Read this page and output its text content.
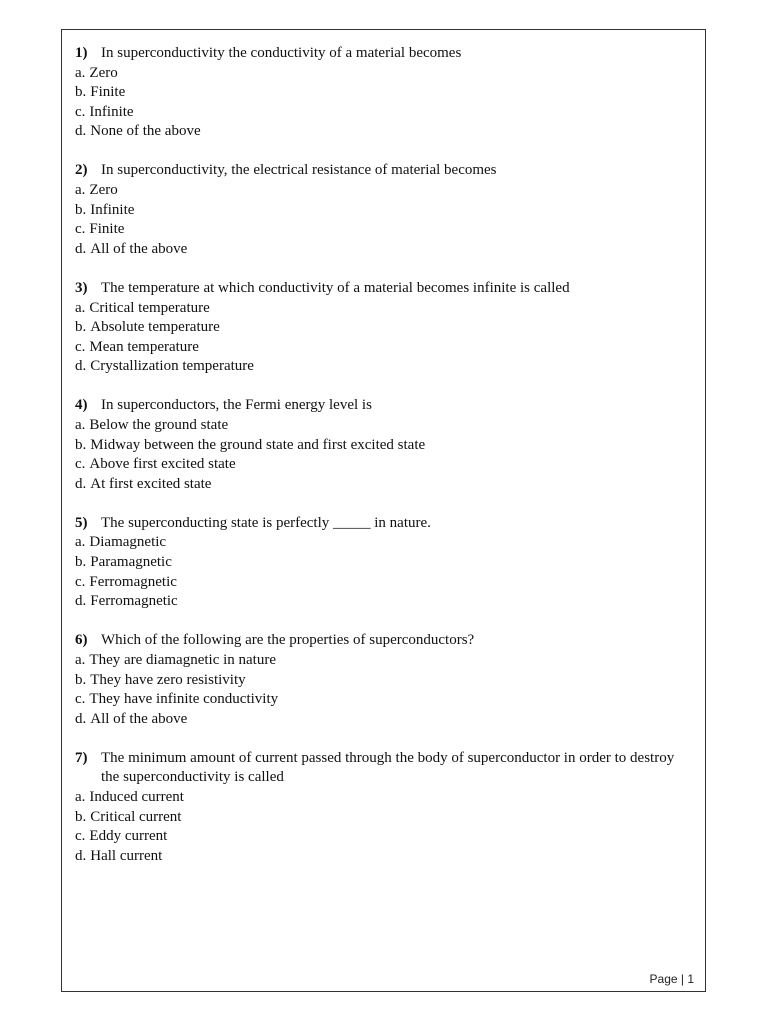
1) In superconductivity the conductivity of a material becomes
a. Zero
b. Finite
c. Infinite
d. None of the above
2) In superconductivity, the electrical resistance of material becomes
a. Zero
b. Infinite
c. Finite
d. All of the above
3) The temperature at which conductivity of a material becomes infinite is called
a. Critical temperature
b. Absolute temperature
c. Mean temperature
d. Crystallization temperature
4) In superconductors, the Fermi energy level is
a. Below the ground state
b. Midway between the ground state and first excited state
c. Above first excited state
d. At first excited state
5) The superconducting state is perfectly _____ in nature.
a. Diamagnetic
b. Paramagnetic
c. Ferromagnetic
d. Ferromagnetic
6) Which of the following are the properties of superconductors?
a. They are diamagnetic in nature
b. They have zero resistivity
c. They have infinite conductivity
d. All of the above
7) The minimum amount of current passed through the body of superconductor in order to destroy the superconductivity is called
a. Induced current
b. Critical current
c. Eddy current
d. Hall current
Page | 1
